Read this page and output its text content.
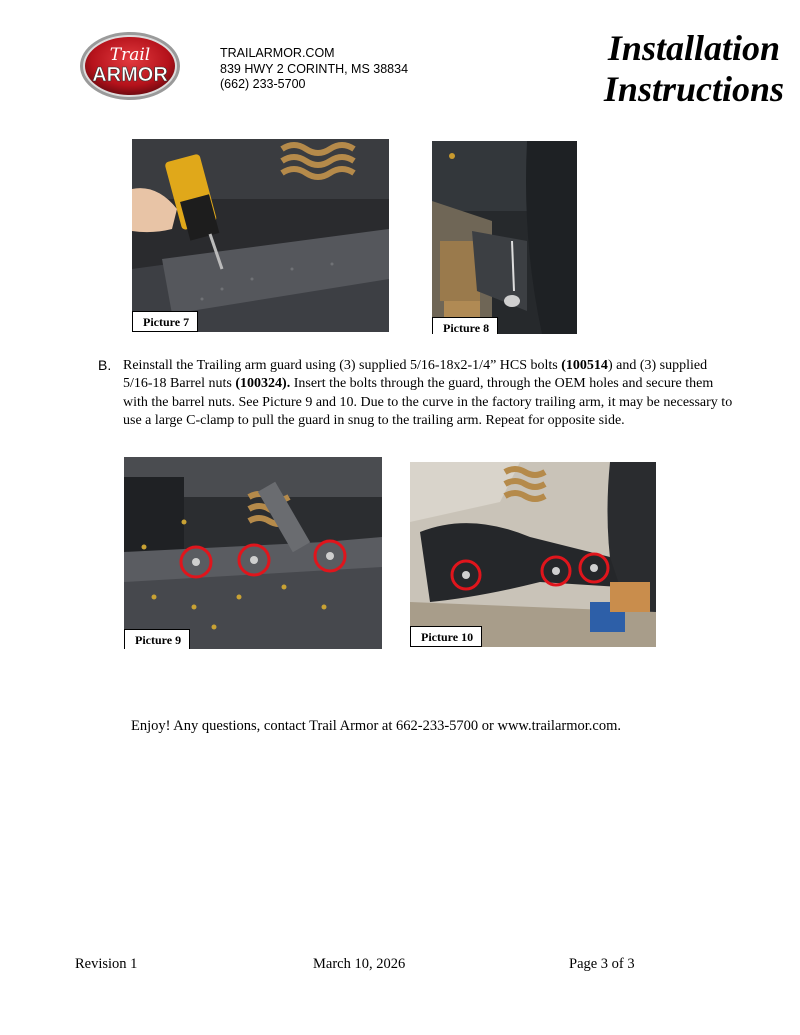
Trail
ARMOR
TRAILARMOR.COM
839 HWY 2 CORINTH, MS 38834
(662) 233-5700
Installation
Instructions
Picture 7	Picture 8
B. Reinstall the Trailing arm guard using (3) supplied 5/16-18x2-1/4” HCS bolts (100514) and (3) supplied 5/16-18 Barrel nuts (100324). Insert the bolts through the guard, through the OEM holes and secure them with the barrel nuts. See Picture 9 and 10. Due to the curve in the factory trailing arm, it may be necessary to use a large C-clamp to pull the guard in snug to the trailing arm. Repeat for opposite side.
Picture 9	Picture 10
Enjoy! Any questions, contact Trail Armor at 662-233-5700 or www.trailarmor.com.
Revision 1	March 10, 2026	Page 3 of 3
